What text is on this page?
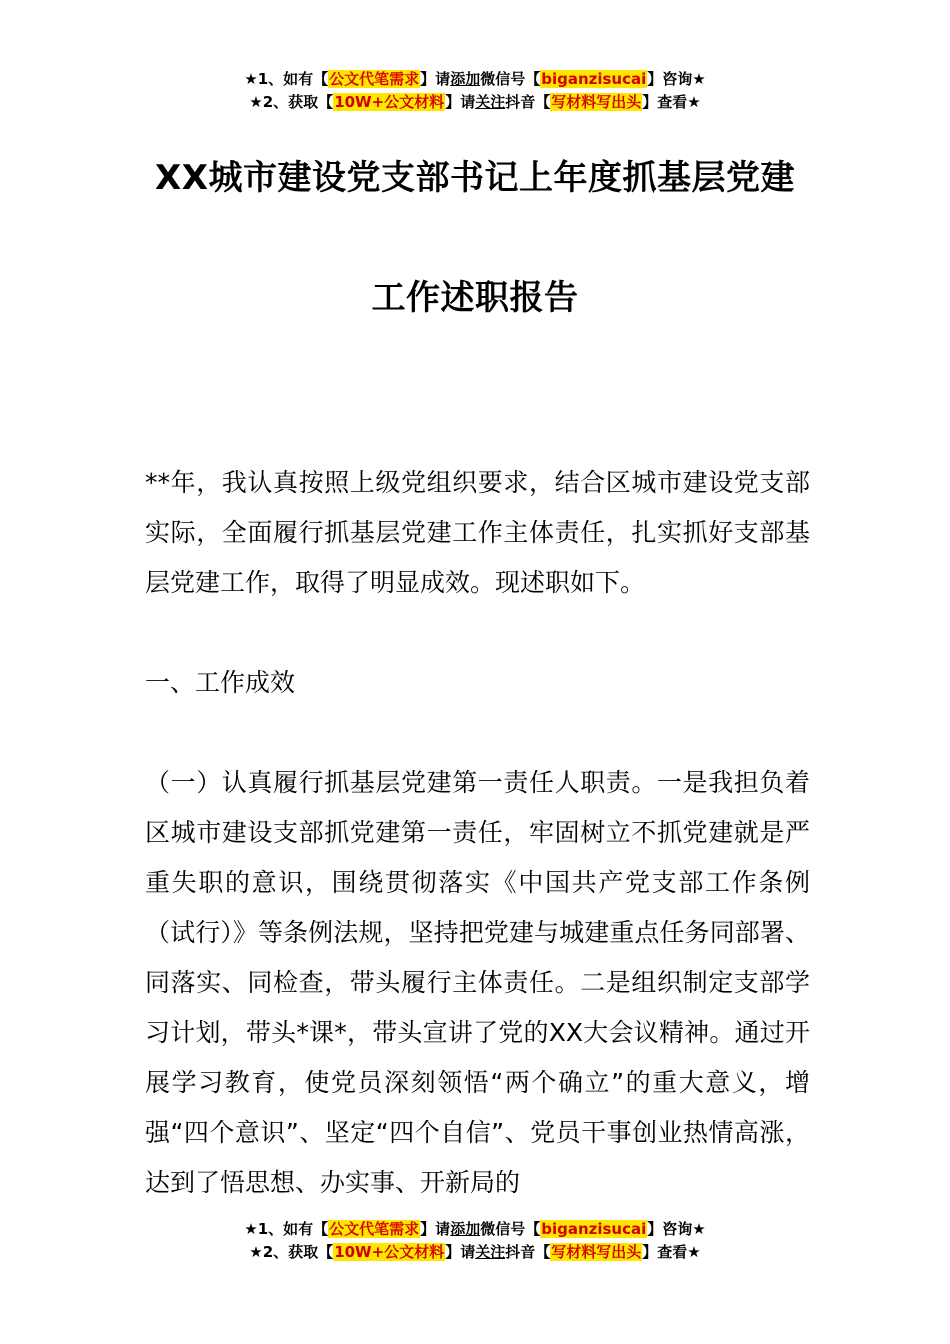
★1、如有【公文代笔需求】请添加微信号【biganzisucai】咨询★
★2、获取【10W+公文材料】请关注抖音【写材料写出头】查看★
XX城市建设党支部书记上年度抓基层党建
工作述职报告

**年，我认真按照上级党组织要求，结合区城市建设党支部实际，全面履行抓基层党建工作主体责任，扎实抓好支部基层党建工作，取得了明显成效。现述职如下。

一、工作成效

（一）认真履行抓基层党建第一责任人职责。一是我担负着区城市建设支部抓党建第一责任，牢固树立不抓党建就是严重失职的意识，围绕贯彻落实《中国共产党支部工作条例（试行）》等条例法规，坚持把党建与城建重点任务同部署、同落实、同检查，带头履行主体责任。二是组织制定支部学习计划，带头*课*，带头宣讲了党的XX大会议精神。通过开展学习教育，使党员深刻领悟“两个确立”的重大意义，增强“四个意识”、坚定“四个自信”、党员干事创业热情高涨，达到了悟思想、办实事、开新局的

★1、如有【公文代笔需求】请添加微信号【biganzisucai】咨询★
★2、获取【10W+公文材料】请关注抖音【写材料写出头】查看★
